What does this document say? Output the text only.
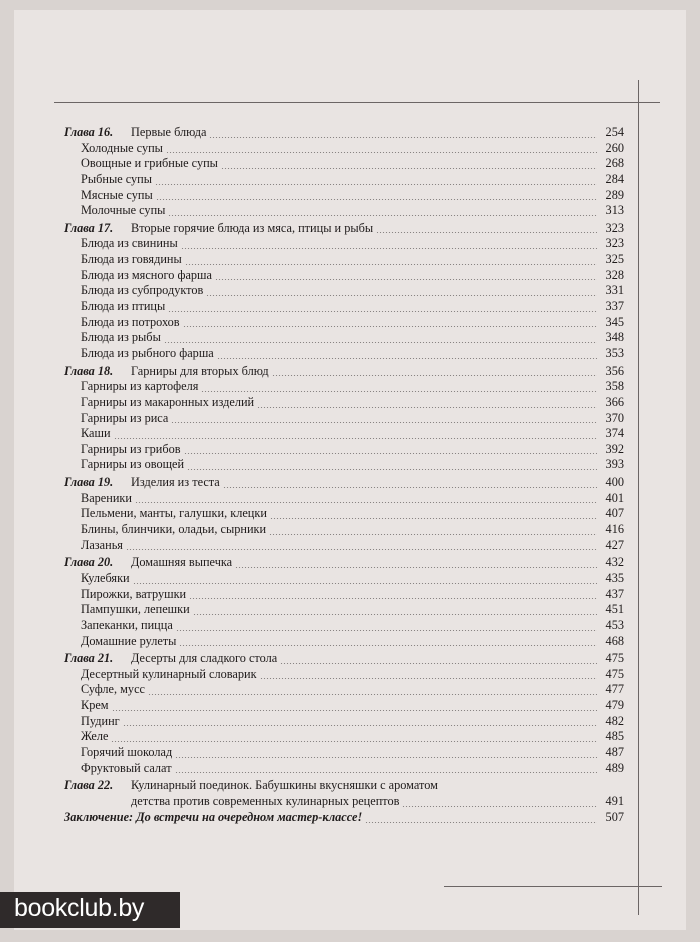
Глава 16.	Первые блюда	254
Холодные супы	260
Овощные и грибные супы	268
Рыбные супы	284
Мясные супы	289
Молочные супы	313
Глава 17.	Вторые горячие блюда из мяса, птицы и рыбы	323
Блюда из свинины	323
Блюда из говядины	325
Блюда из мясного фарша	328
Блюда из субпродуктов	331
Блюда из птицы	337
Блюда из потрохов	345
Блюда из рыбы	348
Блюда из рыбного фарша	353
Глава 18.	Гарниры для вторых блюд	356
Гарниры из картофеля	358
Гарниры из макаронных изделий	366
Гарниры из риса	370
Каши	374
Гарниры из грибов	392
Гарниры из овощей	393
Глава 19.	Изделия из теста	400
Вареники	401
Пельмени, манты, галушки, клецки	407
Блины, блинчики, оладьи, сырники	416
Лазанья	427
Глава 20.	Домашняя выпечка	432
Кулебяки	435
Пирожки, ватрушки	437
Пампушки, лепешки	451
Запеканки, пицца	453
Домашние рулеты	468
Глава 21.	Десерты для сладкого стола	475
Десертный кулинарный словарик	475
Суфле, мусс	477
Крем	479
Пудинг	482
Желе	485
Горячий шоколад	487
Фруктовый салат	489
Глава 22.	Кулинарный поединок. Бабушкины вкусняшки с ароматом
детства против современных кулинарных рецептов	491
Заключение: До встречи на очередном мастер-классе!	507
bookclub.by
